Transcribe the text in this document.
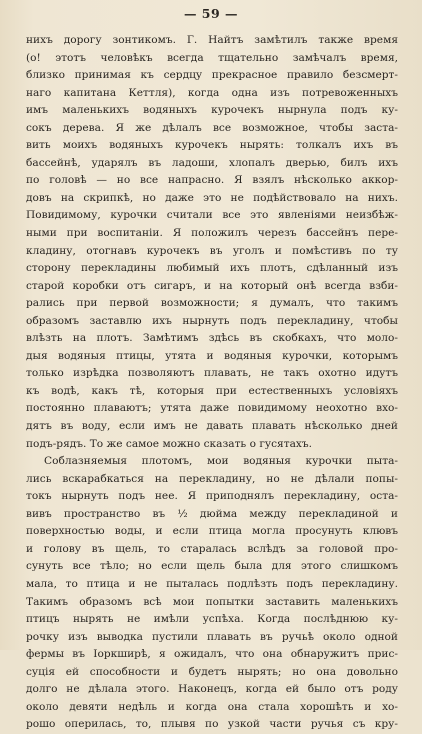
— 59 —
нихъ дорогу зонтикомъ. Г. Найтъ замѣтилъ также время
(о! этотъ человѣкъ всегда тщательно замѣчалъ время,
близко принимая къ сердцу прекрасное правило безсмерт-
наго капитана Кеттля), когда одна изъ потревоженныхъ
имъ маленькихъ водяныхъ курочекъ нырнула подъ ку-
сокъ дерева. Я же дѣлалъ все возможное, чтобы заста-
вить моихъ водяныхъ курочекъ нырять: толкалъ ихъ въ
бассейнѣ, ударялъ въ ладоши, хлопалъ дверью, билъ ихъ
по головѣ — но все напрасно. Я взялъ нѣсколько аккор-
довъ на скрипкѣ, но даже это не подѣйствовало на нихъ.
Повидимому, курочки считали все это явленіями неизбѣж-
ными при воспитаніи. Я положилъ черезъ бассейнъ пере-
кладину, отогнавъ курочекъ въ уголъ и помѣстивъ по ту
сторону перекладины любимый ихъ плотъ, сдѣланный изъ
старой коробки отъ сигаръ, и на который онѣ всегда взби-
рались при первой возможности; я думалъ, что такимъ
образомъ заставлю ихъ нырнуть подъ перекладину, чтобы
влѣзть на плотъ. Замѣтимъ здѣсь въ скобкахъ, что моло-
дыя водяныя птицы, утята и водяныя курочки, которымъ
только изрѣдка позволяютъ плавать, не такъ охотно идутъ
къ водѣ, какъ тѣ, которыя при естественныхъ условіяхъ
постоянно плаваютъ; утята даже повидимому неохотно вхо-
дятъ въ воду, если имъ не давать плавать нѣсколько дней
подъ-рядъ. То же самое можно сказать о гусятахъ.
Соблазняемыя плотомъ, мои водяныя курочки пыта-
лись вскарабкаться на перекладину, но не дѣлали попы-
токъ нырнуть подъ нее. Я приподнялъ перекладину, оста-
вивъ пространство въ ½ дюйма между перекладиной и
поверхностью воды, и если птица могла просунуть клювъ
и голову въ щель, то старалась вслѣдъ за головой про-
сунуть все тѣло; но если щель была для этого слишкомъ
мала, то птица и не пыталась подлѣзть подъ перекладину.
Такимъ образомъ всѣ мои попытки заставить маленькихъ
птицъ нырять не имѣли успѣха. Когда послѣднюю ку-
рочку изъ выводка пустили плавать въ ручьѣ около одной
фермы въ Іоркширѣ, я ожидалъ, что она обнаружитъ прис-
суція ей способности и будетъ нырять; но она довольно
долго не дѣлала этого. Наконецъ, когда ей было отъ роду
около девяти недѣль и когда она стала хорошѣть и хо-
рошо оперилась, то, плывя по узкой части ручья съ кру-
